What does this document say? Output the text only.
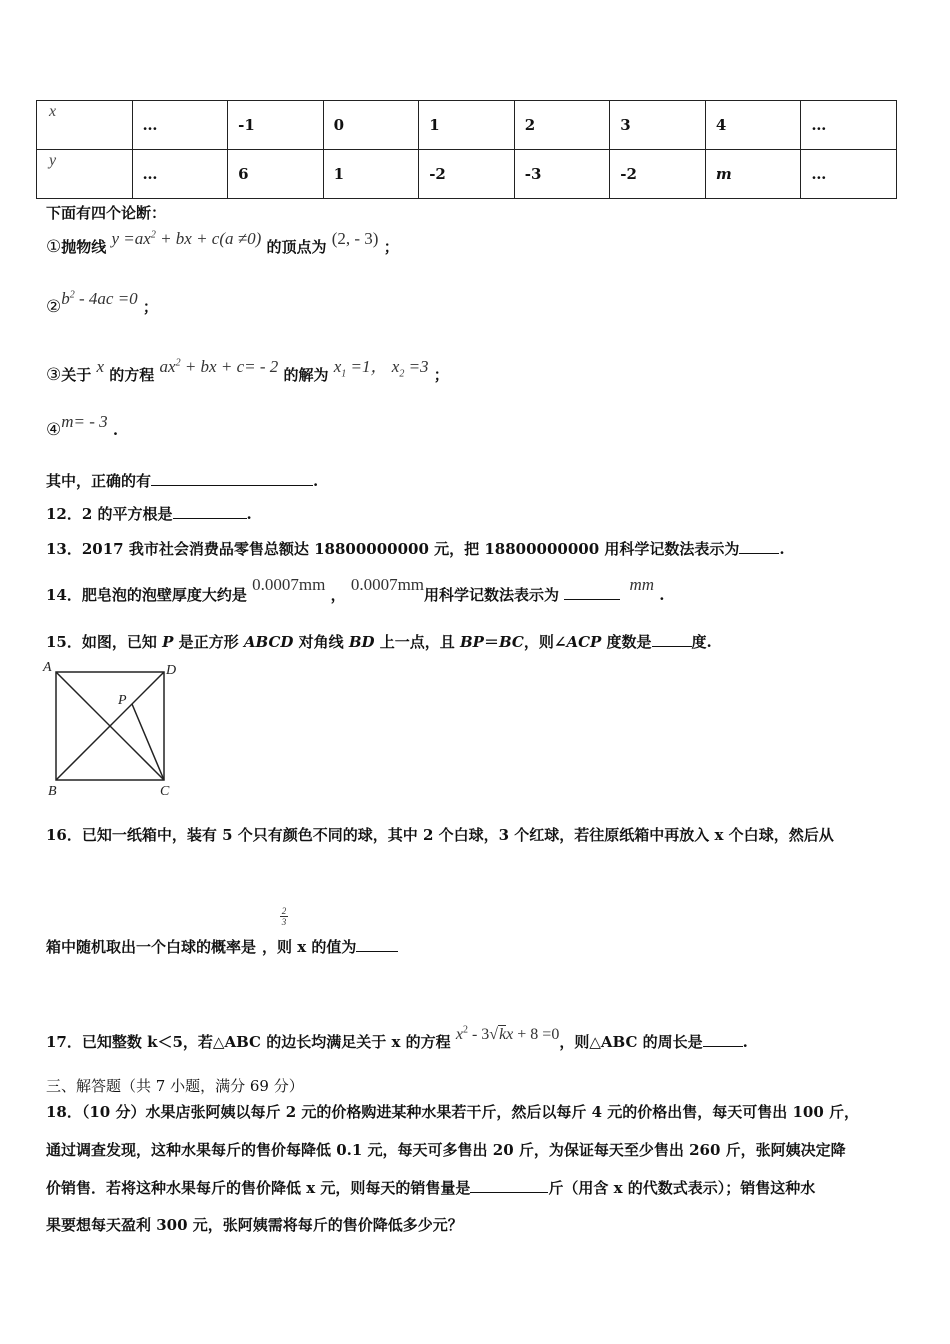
x	…	-1	0	1	2	3	4	…
y	…	6	1	-2	-3	-2	m	…
下面有四个论断：
①抛物线 $y =ax^2$ + bx + c(a ≠0) 的顶点为 (2, - 3) ；
$②b^2 - 4ac =0$ ；
③关于 x 的方程 $ax^2$ + bx + c= - 2 的解为 $x_1 =1$， $x_2 =3$ ；
④m= - 3 .
其中，正确的有	.
12．2 的平方根是	.
13．2017 我市社会消费品零售总额达 18800000000 元，把 18800000000 用科学记数法表示为	.
14．肥皂泡的泡壁厚度大约是 0.0007mm ， 0.0007mm用科学记数法表示为  mm .
15．如图，已知 P 是正方形 ABCD 对角线 BD 上一点，且 BP＝BC，则∠ACP 度数是	度.
A	D
P
B	C
16．已知一纸箱中，装有 5 个只有颜色不同的球，其中 2 个白球，3 个红球，若往原纸箱中再放入 x 个白球，然后从
2
3
箱中随机取出一个白球的概率是 ，则 x 的值为
17．已知整数 k＜5，若△ABC 的边长均满足关于 x 的方程 $x^2 - 3√kx + 8 =0$，则△ABC 的周长是	.
三、解答题（共 7 小题，满分 69 分）
18．（10 分）水果店张阿姨以每斤 2 元的价格购进某种水果若干斤，然后以每斤 4 元的价格出售，每天可售出 100 斤，
通过调查发现，这种水果每斤的售价每降低 0.1 元，每天可多售出 20 斤，为保证每天至少售出 260 斤，张阿姨决定降
价销售．若将这种水果每斤的售价降低 x 元，则每天的销售量是	斤（用含 x 的代数式表示）；销售这种水
果要想每天盈利 300 元，张阿姨需将每斤的售价降低多少元？
